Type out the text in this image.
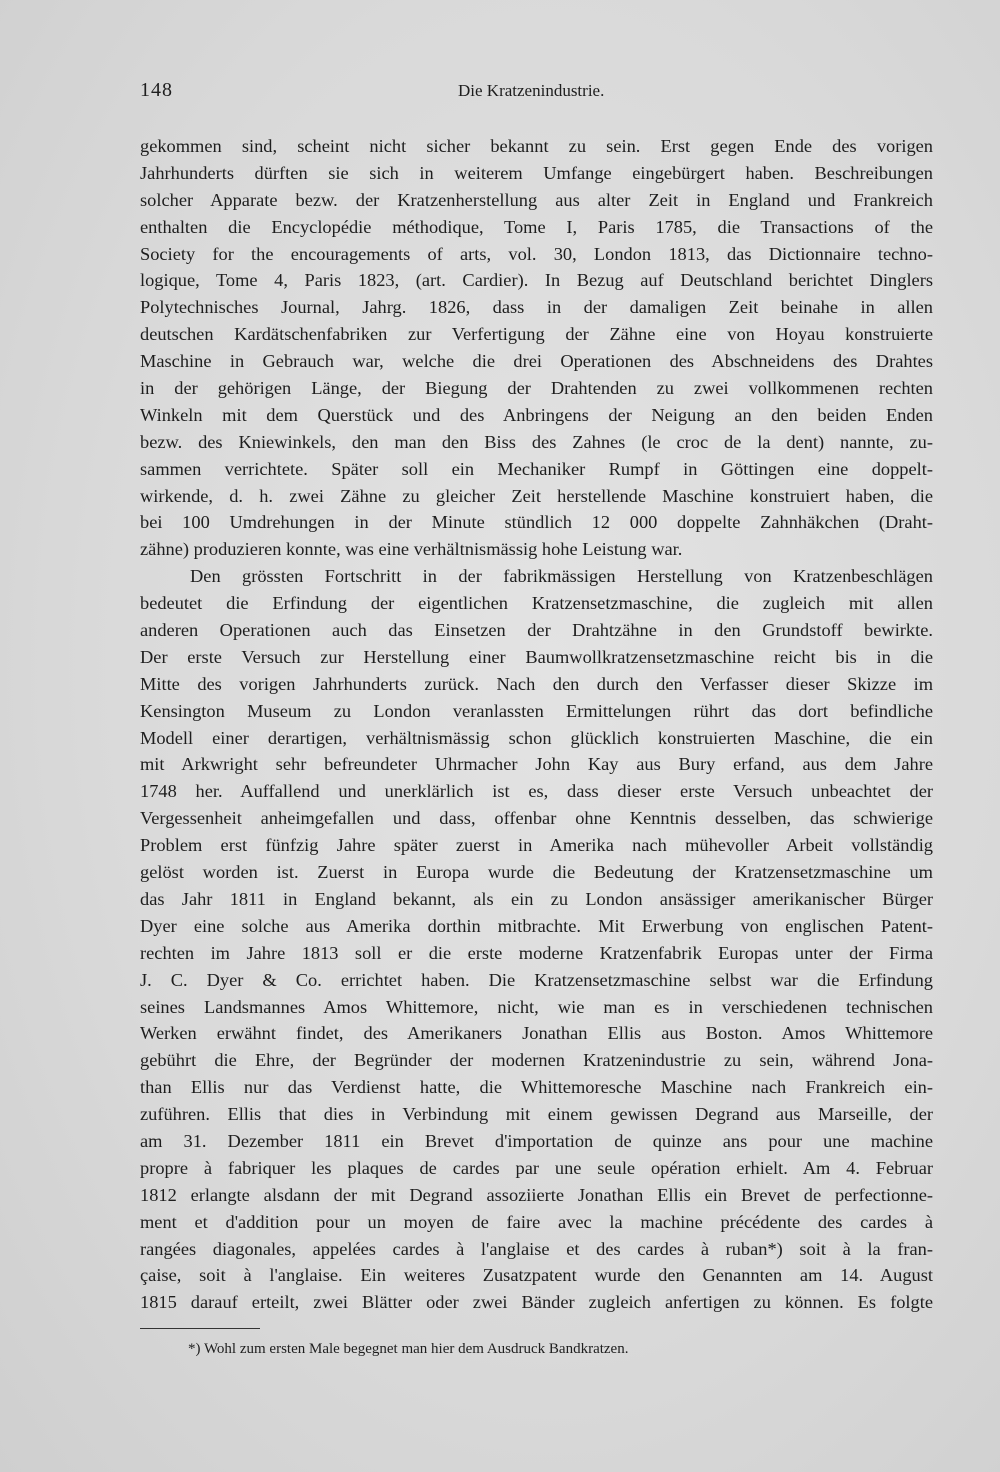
148	Die Kratzenindustrie.
gekommen sind, scheint nicht sicher bekannt zu sein. Erst gegen Ende des vorigen
Jahrhunderts dürften sie sich in weiterem Umfange eingebürgert haben. Beschreibungen
solcher Apparate bezw. der Kratzenherstellung aus alter Zeit in England und Frankreich
enthalten die Encyclopédie méthodique, Tome I, Paris 1785, die Transactions of the
Society for the encouragements of arts, vol. 30, London 1813, das Dictionnaire techno-
logique, Tome 4, Paris 1823, (art. Cardier). In Bezug auf Deutschland berichtet Dinglers
Polytechnisches Journal, Jahrg. 1826, dass in der damaligen Zeit beinahe in allen
deutschen Kardätschenfabriken zur Verfertigung der Zähne eine von Hoyau konstruierte
Maschine in Gebrauch war, welche die drei Operationen des Abschneidens des Drahtes
in der gehörigen Länge, der Biegung der Drahtenden zu zwei vollkommenen rechten
Winkeln mit dem Querstück und des Anbringens der Neigung an den beiden Enden
bezw. des Kniewinkels, den man den Biss des Zahnes (le croc de la dent) nannte, zu-
sammen verrichtete. Später soll ein Mechaniker Rumpf in Göttingen eine doppelt-
wirkende, d. h. zwei Zähne zu gleicher Zeit herstellende Maschine konstruiert haben, die
bei 100 Umdrehungen in der Minute stündlich 12 000 doppelte Zahnhäkchen (Draht-
zähne) produzieren konnte, was eine verhältnismässig hohe Leistung war.
Den grössten Fortschritt in der fabrikmässigen Herstellung von Kratzenbeschlägen
bedeutet die Erfindung der eigentlichen Kratzensetzmaschine, die zugleich mit allen
anderen Operationen auch das Einsetzen der Drahtzähne in den Grundstoff bewirkte.
Der erste Versuch zur Herstellung einer Baumwollkratzensetzmaschine reicht bis in die
Mitte des vorigen Jahrhunderts zurück. Nach den durch den Verfasser dieser Skizze im
Kensington Museum zu London veranlassten Ermittelungen rührt das dort befindliche
Modell einer derartigen, verhältnismässig schon glücklich konstruierten Maschine, die ein
mit Arkwright sehr befreundeter Uhrmacher John Kay aus Bury erfand, aus dem Jahre
1748 her. Auffallend und unerklärlich ist es, dass dieser erste Versuch unbeachtet der
Vergessenheit anheimgefallen und dass, offenbar ohne Kenntnis desselben, das schwierige
Problem erst fünfzig Jahre später zuerst in Amerika nach mühevoller Arbeit vollständig
gelöst worden ist. Zuerst in Europa wurde die Bedeutung der Kratzensetzmaschine um
das Jahr 1811 in England bekannt, als ein zu London ansässiger amerikanischer Bürger
Dyer eine solche aus Amerika dorthin mitbrachte. Mit Erwerbung von englischen Patent-
rechten im Jahre 1813 soll er die erste moderne Kratzenfabrik Europas unter der Firma
J. C. Dyer & Co. errichtet haben. Die Kratzensetzmaschine selbst war die Erfindung
seines Landsmannes Amos Whittemore, nicht, wie man es in verschiedenen technischen
Werken erwähnt findet, des Amerikaners Jonathan Ellis aus Boston. Amos Whittemore
gebührt die Ehre, der Begründer der modernen Kratzenindustrie zu sein, während Jona-
than Ellis nur das Verdienst hatte, die Whittemoresche Maschine nach Frankreich ein-
zuführen. Ellis that dies in Verbindung mit einem gewissen Degrand aus Marseille, der
am 31. Dezember 1811 ein Brevet d'importation de quinze ans pour une machine
propre à fabriquer les plaques de cardes par une seule opération erhielt. Am 4. Februar
1812 erlangte alsdann der mit Degrand assoziierte Jonathan Ellis ein Brevet de perfectionne-
ment et d'addition pour un moyen de faire avec la machine précédente des cardes à
rangées diagonales, appelées cardes à l'anglaise et des cardes à ruban*) soit à la fran-
çaise, soit à l'anglaise. Ein weiteres Zusatzpatent wurde den Genannten am 14. August
1815 darauf erteilt, zwei Blätter oder zwei Bänder zugleich anfertigen zu können. Es folgte
*) Wohl zum ersten Male begegnet man hier dem Ausdruck Bandkratzen.
